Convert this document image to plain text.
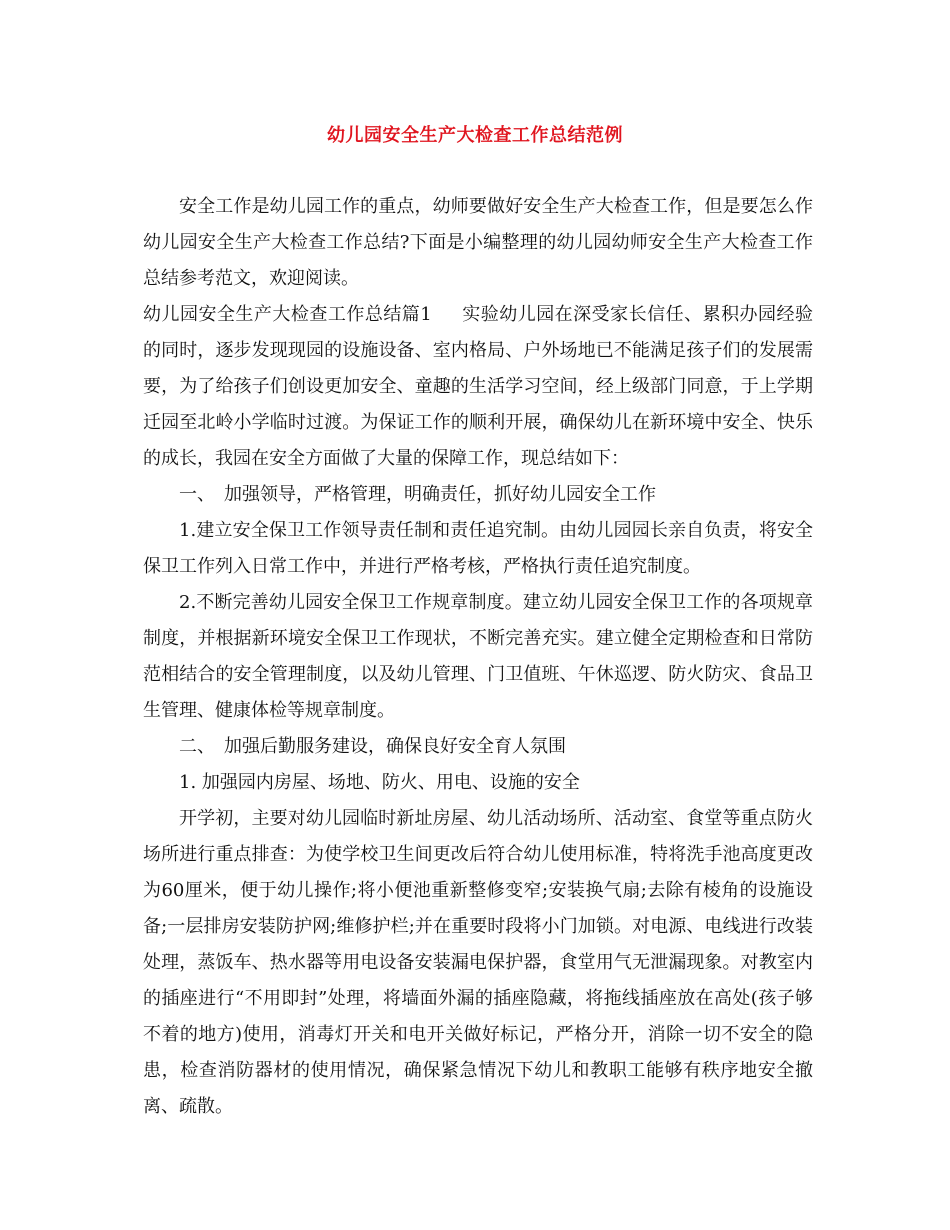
幼儿园安全生产大检查工作总结范例

安全工作是幼儿园工作的重点，幼师要做好安全生产大检查工作，但是要怎么作幼儿园安全生产大检查工作总结?下面是小编整理的幼儿园幼师安全生产大检查工作总结参考范文，欢迎阅读。

幼儿园安全生产大检查工作总结篇1 实验幼儿园在深受家长信任、累积办园经验的同时，逐步发现现园的设施设备、室内格局、户外场地已不能满足孩子们的发展需要，为了给孩子们创设更加安全、童趣的生活学习空间，经上级部门同意，于上学期迁园至北岭小学临时过渡。为保证工作的顺利开展，确保幼儿在新环境中安全、快乐的成长，我园在安全方面做了大量的保障工作，现总结如下：

一、　加强领导，严格管理，明确责任，抓好幼儿园安全工作

1.建立安全保卫工作领导责任制和责任追究制。由幼儿园园长亲自负责，将安全保卫工作列入日常工作中，并进行严格考核，严格执行责任追究制度。

2.不断完善幼儿园安全保卫工作规章制度。建立幼儿园安全保卫工作的各项规章制度，并根据新环境安全保卫工作现状，不断完善充实。建立健全定期检查和日常防范相结合的安全管理制度，以及幼儿管理、门卫值班、午休巡逻、防火防灾、食品卫生管理、健康体检等规章制度。

二、　加强后勤服务建设，确保良好安全育人氛围

1. 加强园内房屋、场地、防火、用电、设施的安全

开学初，主要对幼儿园临时新址房屋、幼儿活动场所、活动室、食堂等重点防火场所进行重点排查：为使学校卫生间更改后符合幼儿使用标准，特将洗手池高度更改为60厘米，便于幼儿操作;将小便池重新整修变窄;安装换气扇;去除有棱角的设施设备;一层排房安装防护网;维修护栏;并在重要时段将小门加锁。对电源、电线进行改装处理，蒸饭车、热水器等用电设备安装漏电保护器，食堂用气无泄漏现象。对教室内的插座进行“不用即封”处理，将墙面外漏的插座隐藏，将拖线插座放在高处(孩子够不着的地方)使用，消毒灯开关和电开关做好标记，严格分开，消除一切不安全的隐患，检查消防器材的使用情况，确保紧急情况下幼儿和教职工能够有秩序地安全撤离、疏散。
